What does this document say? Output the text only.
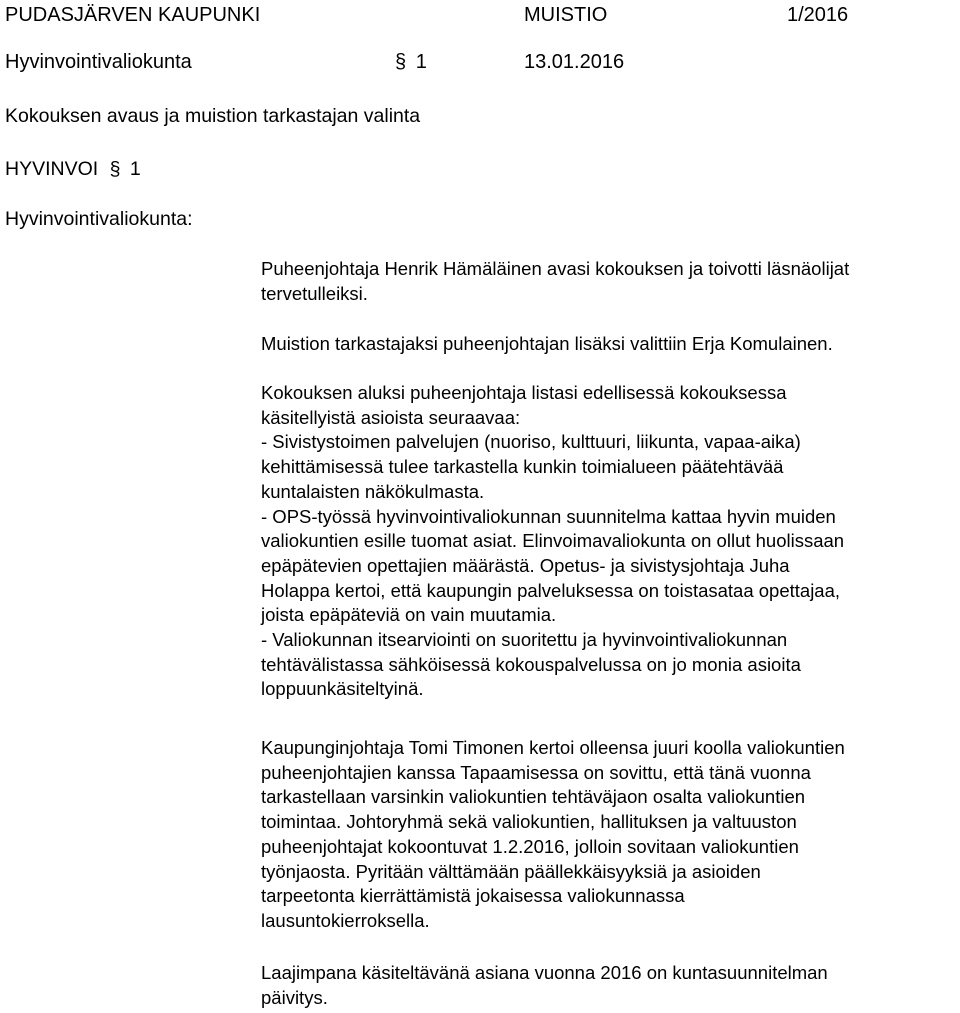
PUDASJÄRVEN KAUPUNKI	MUISTIO	1/2016
Hyvinvointivaliokunta	§ 1	13.01.2016
Kokouksen avaus ja muistion tarkastajan valinta
HYVINVOI § 1
Hyvinvointivaliokunta:

Puheenjohtaja Henrik Hämäläinen avasi kokouksen ja toivotti läsnäolijat
tervetulleiksi.

Muistion tarkastajaksi puheenjohtajan lisäksi valittiin Erja Komulainen.

Kokouksen aluksi puheenjohtaja listasi edellisessä kokouksessa
käsitellyistä asioista seuraavaa:
- Sivistystoimen palvelujen (nuoriso, kulttuuri, liikunta, vapaa-aika)
kehittämisessä tulee tarkastella kunkin toimialueen päätehtävää
kuntalaisten näkökulmasta.
- OPS-työssä hyvinvointivaliokunnan suunnitelma kattaa hyvin muiden
valiokuntien esille tuomat asiat. Elinvoimavaliokunta on ollut huolissaan
epäpätevien opettajien määrästä. Opetus- ja sivistysjohtaja Juha
Holappa kertoi, että kaupungin palveluksessa on toistasataa opettajaa,
joista epäpäteviä on vain muutamia.
- Valiokunnan itsearviointi on suoritettu ja hyvinvointivaliokunnan
tehtävälistassa sähköisessä kokouspalvelussa on jo monia asioita
loppuunkäsiteltyinä.

Kaupunginjohtaja Tomi Timonen kertoi olleensa juuri koolla valiokuntien
puheenjohtajien kanssa Tapaamisessa on sovittu, että tänä vuonna
tarkastellaan varsinkin valiokuntien tehtäväjaon osalta valiokuntien
toimintaa. Johtoryhmä sekä valiokuntien, hallituksen ja valtuuston
puheenjohtajat kokoontuvat 1.2.2016, jolloin sovitaan valiokuntien
työnjaosta. Pyritään välttämään päällekkäisyyksiä ja asioiden
tarpeetonta kierrättämistä jokaisessa valiokunnassa
lausuntokierroksella.

Laajimpana käsiteltävänä asiana vuonna 2016 on kuntasuunnitelman
päivitys.
